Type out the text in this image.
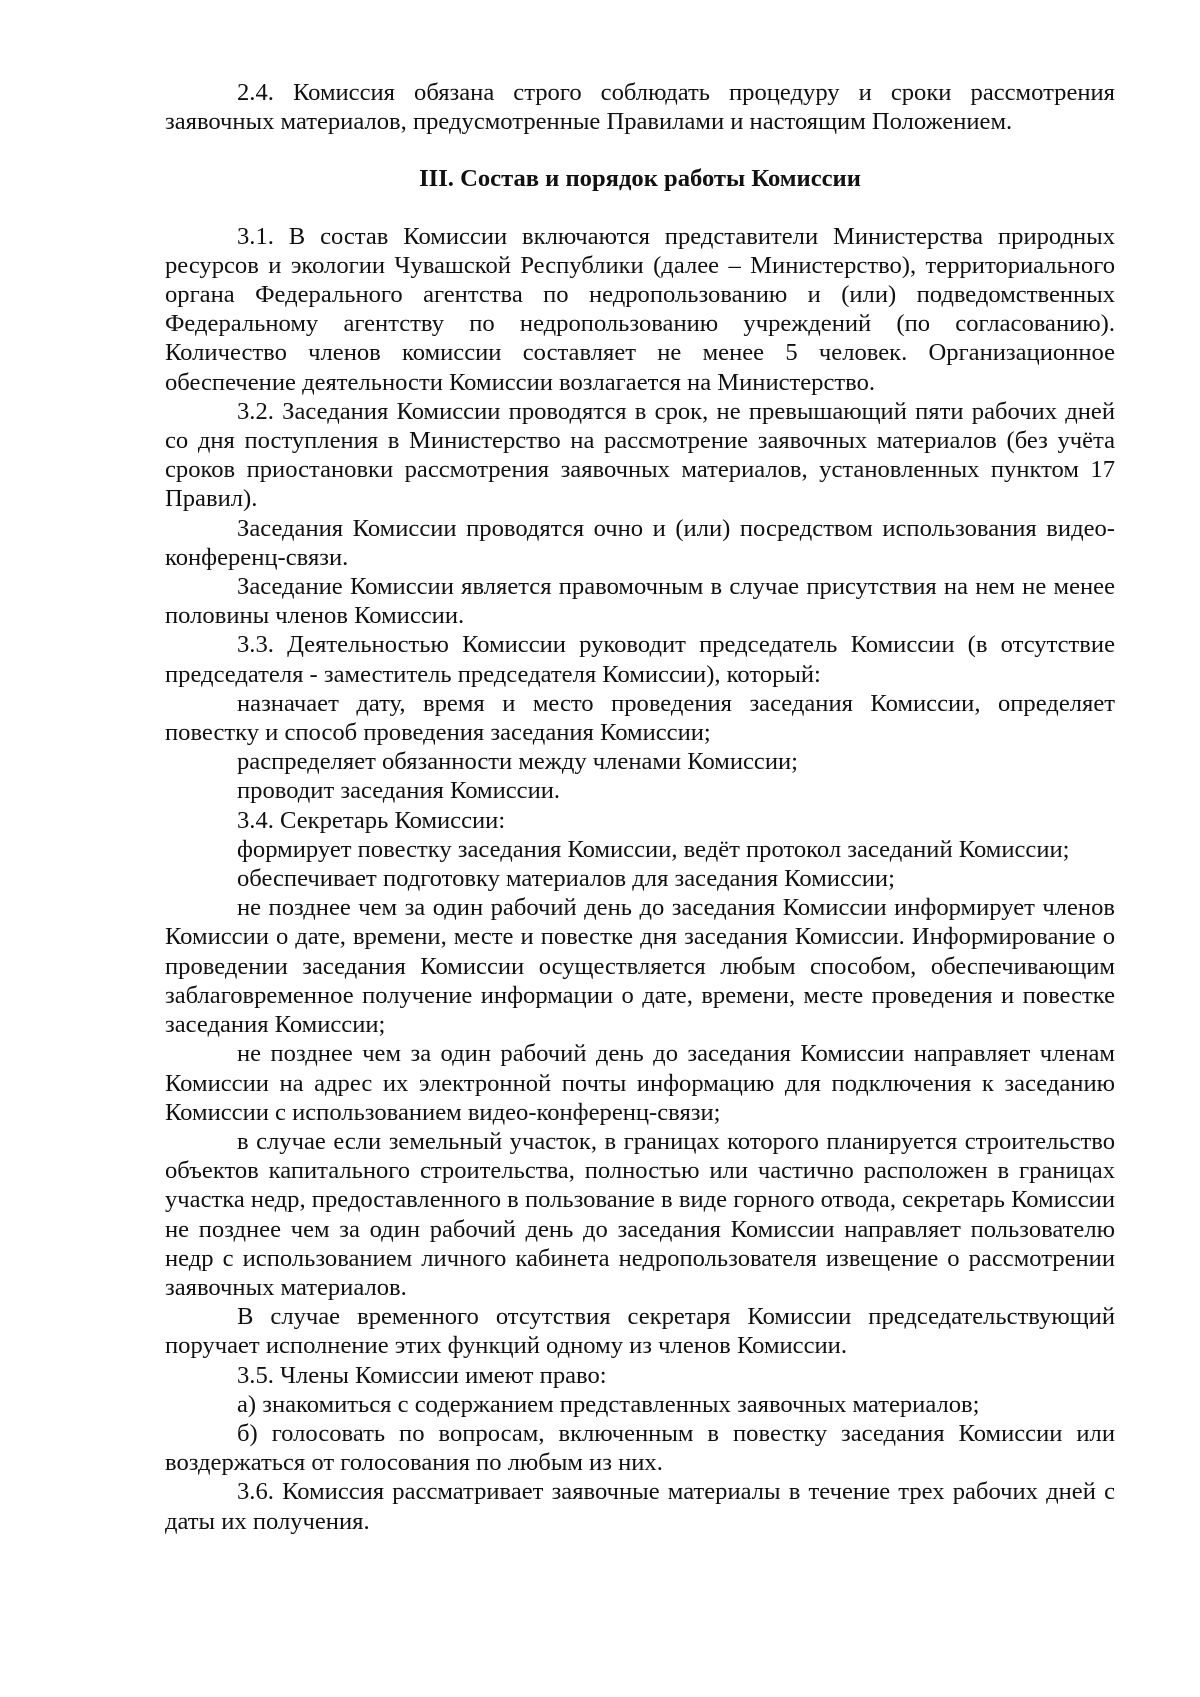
2.4. Комиссия обязана строго соблюдать процедуру и сроки рассмотрения заявочных материалов, предусмотренные Правилами и настоящим Положением.

III. Состав и порядок работы Комиссии

3.1. В состав Комиссии включаются представители Министерства природных ресурсов и экологии Чувашской Республики (далее – Министерство), территориального органа Федерального агентства по недропользованию и (или) подведомственных Федеральному агентству по недропользованию учреждений (по согласованию). Количество членов комиссии составляет не менее 5 человек. Организационное обеспечение деятельности Комиссии возлагается на Министерство.

3.2. Заседания Комиссии проводятся в срок, не превышающий пяти рабочих дней со дня поступления в Министерство на рассмотрение заявочных материалов (без учёта сроков приостановки рассмотрения заявочных материалов, установленных пунктом 17 Правил).

Заседания Комиссии проводятся очно и (или) посредством использования видео-конференц-связи.

Заседание Комиссии является правомочным в случае присутствия на нем не менее половины членов Комиссии.

3.3. Деятельностью Комиссии руководит председатель Комиссии (в отсутствие председателя - заместитель председателя Комиссии), который:

назначает дату, время и место проведения заседания Комиссии, определяет повестку и способ проведения заседания Комиссии;

распределяет обязанности между членами Комиссии;

проводит заседания Комиссии.

3.4. Секретарь Комиссии:

формирует повестку заседания Комиссии, ведёт протокол заседаний Комиссии;

обеспечивает подготовку материалов для заседания Комиссии;

не позднее чем за один рабочий день до заседания Комиссии информирует членов Комиссии о дате, времени, месте и повестке дня заседания Комиссии. Информирование о проведении заседания Комиссии осуществляется любым способом, обеспечивающим заблаговременное получение информации о дате, времени, месте проведения и повестке заседания Комиссии;

не позднее чем за один рабочий день до заседания Комиссии направляет членам Комиссии на адрес их электронной почты информацию для подключения к заседанию Комиссии с использованием видео-конференц-связи;

в случае если земельный участок, в границах которого планируется строительство объектов капитального строительства, полностью или частично расположен в границах участка недр, предоставленного в пользование в виде горного отвода, секретарь Комиссии не позднее чем за один рабочий день до заседания Комиссии направляет пользователю недр с использованием личного кабинета недропользователя извещение о рассмотрении заявочных материалов.

В случае временного отсутствия секретаря Комиссии председательствующий поручает исполнение этих функций одному из членов Комиссии.

3.5. Члены Комиссии имеют право:

а) знакомиться с содержанием представленных заявочных материалов;

б) голосовать по вопросам, включенным в повестку заседания Комиссии или воздержаться от голосования по любым из них.

3.6. Комиссия рассматривает заявочные материалы в течение трех рабочих дней с даты их получения.
